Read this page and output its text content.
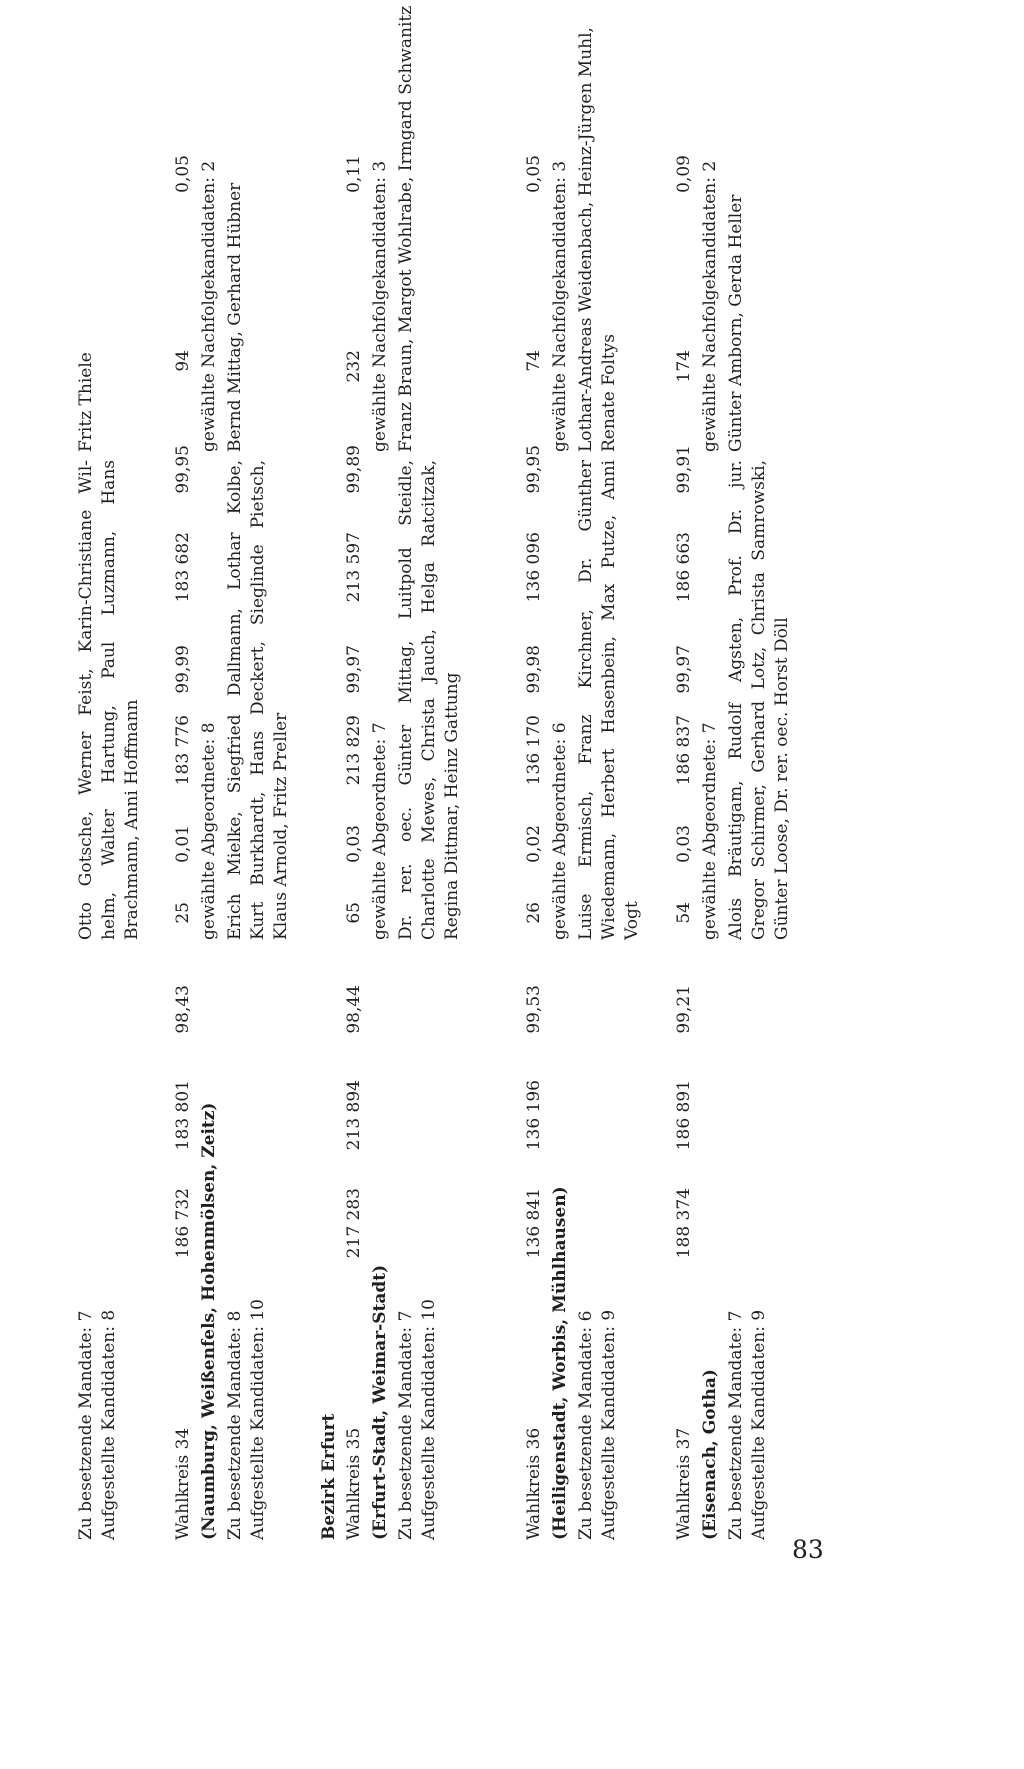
Zu besetzende Mandate: 7 Aufgestellte Kandidaten: 8
Otto Gotsche, Werner Feist, Karin-Christiane Wil- helm, Walter Hartung, Paul Luzmann, Hans Brachmann, Anni Hoffmann
Fritz Thiele
Wahlkreis 34
186 732
183 801
98,43
25
0,01
183 776
99,99
183 682
99,95
94
0,05
(Naumburg, Weißenfels, Hohenmölsen, Zeitz) Zu besetzende Mandate: 8 Aufgestellte Kandidaten: 10
gewählte Abgeordnete: 8 Erich Mielke, Siegfried Dallmann, Lothar Kolbe, Kurt Burkhardt, Hans Deckert, Sieglinde Pietsch, Klaus Arnold, Fritz Preller
gewählte Nachfolgekandidaten: 2 Bernd Mittag, Gerhard Hübner
Bezirk Erfurt Wahlkreis 35
217 283
213 894
98,44
65
0,03
213 829
99,97
213 597
99,89
232
0,11
(Erfurt-Stadt, Weimar-Stadt) Zu besetzende Mandate: 7 Aufgestellte Kandidaten: 10
gewählte Abgeordnete: 7 Dr. rer. oec. Günter Mittag, Luitpold Steidle, Charlotte Mewes, Christa Jauch, Helga Ratcitzak, Regina Dittmar, Heinz Gattung
gewählte Nachfolgekandidaten: 3 Franz Braun, Margot Wohlrabe, Irmgard Schwanitz
Wahlkreis 36
136 841
136 196
99,53
26
0,02
136 170
99,98
136 096
99,95
74
0,05
(Heiligenstadt, Worbis, Mühlhausen) Zu besetzende Mandate: 6 Aufgestellte Kandidaten: 9
gewählte Abgeordnete: 6 Luise Ermisch, Franz Kirchner, Dr. Günther Wiedemann, Herbert Hasenbein, Max Putze, Anni Vogt
gewählte Nachfolgekandidaten: 3 Lothar-Andreas Weidenbach, Heinz-Jürgen Muhl, Renate Foltys
Wahlkreis 37
188 374
186 891
99,21
54
0,03
186 837
99,97
186 663
99,91
174
0,09
(Eisenach, Gotha) Zu besetzende Mandate: 7 Aufgestellte Kandidaten: 9
gewählte Abgeordnete: 7 Alois Bräutigam, Rudolf Agsten, Prof. Dr. jur. Gregor Schirmer, Gerhard Lotz, Christa Samrowski, Günter Loose, Dr. rer. oec. Horst Döll
gewählte Nachfolgekandidaten: 2 Günter Amborn, Gerda Heller
83
